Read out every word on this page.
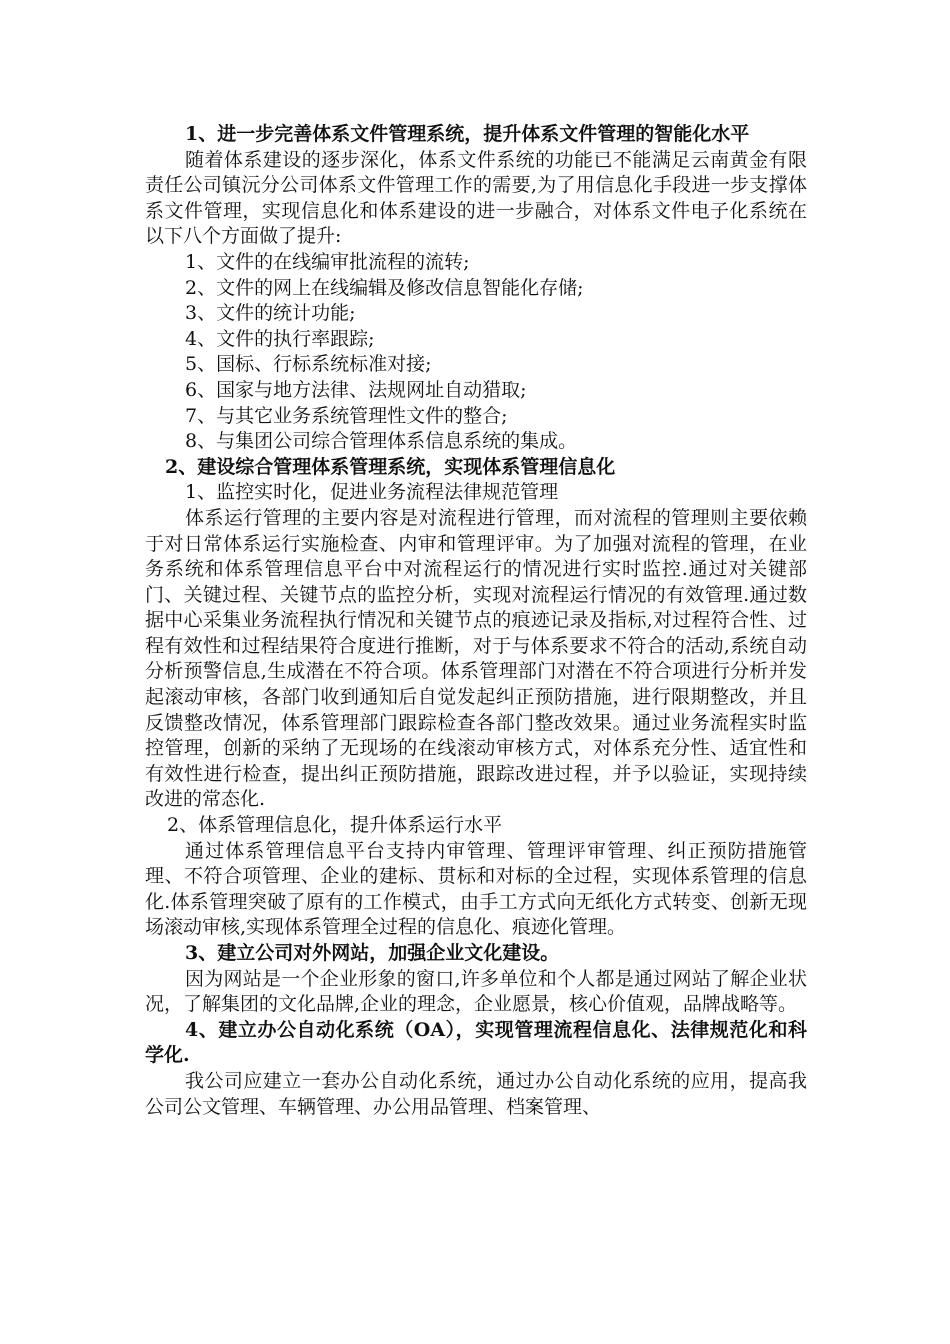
1、进一步完善体系文件管理系统，提升体系文件管理的智能化水平

随着体系建设的逐步深化，体系文件系统的功能已不能满足云南黄金有限责任公司镇沅分公司体系文件管理工作的需要,为了用信息化手段进一步支撑体系文件管理，实现信息化和体系建设的进一步融合，对体系文件电子化系统在以下八个方面做了提升:

1、文件的在线编审批流程的流转;

2、文件的网上在线编辑及修改信息智能化存储;

3、文件的统计功能;

4、文件的执行率跟踪;

5、国标、行标系统标准对接;

6、国家与地方法律、法规网址自动猎取;

7、与其它业务系统管理性文件的整合;

8、与集团公司综合管理体系信息系统的集成。

2、建设综合管理体系管理系统，实现体系管理信息化

1、监控实时化，促进业务流程法律规范管理

体系运行管理的主要内容是对流程进行管理，而对流程的管理则主要依赖于对日常体系运行实施检查、内审和管理评审。为了加强对流程的管理，在业务系统和体系管理信息平台中对流程运行的情况进行实时监控.通过对关键部门、关键过程、关键节点的监控分析，实现对流程运行情况的有效管理.通过数据中心采集业务流程执行情况和关键节点的痕迹记录及指标,对过程符合性、过程有效性和过程结果符合度进行推断，对于与体系要求不符合的活动,系统自动分析预警信息,生成潜在不符合项。体系管理部门对潜在不符合项进行分析并发起滚动审核，各部门收到通知后自觉发起纠正预防措施，进行限期整改，并且反馈整改情况，体系管理部门跟踪检查各部门整改效果。通过业务流程实时监控管理，创新的采纳了无现场的在线滚动审核方式，对体系充分性、适宜性和有效性进行检查，提出纠正预防措施，跟踪改进过程，并予以验证，实现持续改进的常态化.

2、体系管理信息化，提升体系运行水平

通过体系管理信息平台支持内审管理、管理评审管理、纠正预防措施管理、不符合项管理、企业的建标、贯标和对标的全过程，实现体系管理的信息化.体系管理突破了原有的工作模式，由手工方式向无纸化方式转变、创新无现场滚动审核,实现体系管理全过程的信息化、痕迹化管理。

3、建立公司对外网站，加强企业文化建设。

因为网站是一个企业形象的窗口,许多单位和个人都是通过网站了解企业状况，了解集团的文化品牌,企业的理念，企业愿景，核心价值观，品牌战略等。

4、建立办公自动化系统（OA），实现管理流程信息化、法律规范化和科学化.

我公司应建立一套办公自动化系统，通过办公自动化系统的应用，提高我公司公文管理、车辆管理、办公用品管理、档案管理、
